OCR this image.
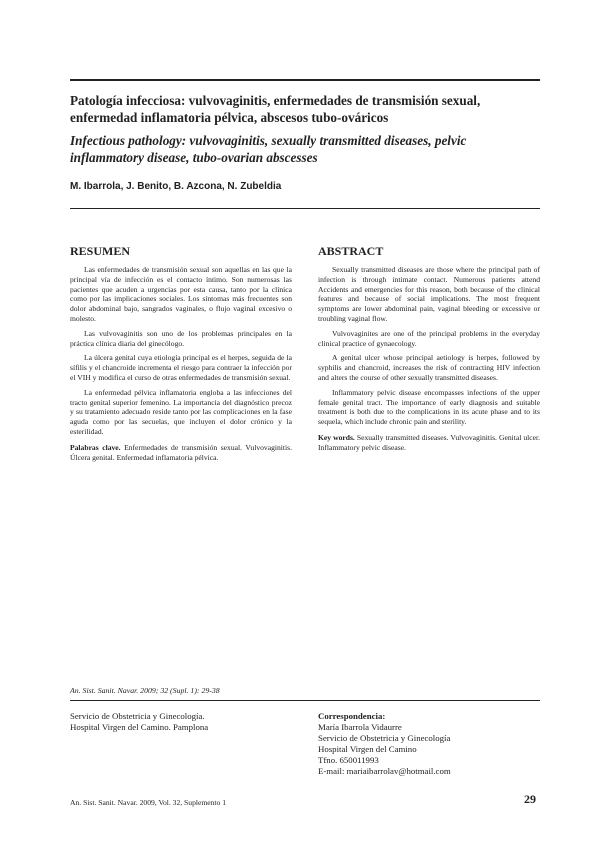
Patología infecciosa: vulvovaginitis, enfermedades de transmisión sexual, enfermedad inflamatoria pélvica, abscesos tubo-ováricos
Infectious pathology: vulvovaginitis, sexually transmitted diseases, pelvic inflammatory disease, tubo-ovarian abscesses

M. Ibarrola, J. Benito, B. Azcona, N. Zubeldia

RESUMEN

Las enfermedades de transmisión sexual son aquellas en las que la principal vía de infección es el contacto íntimo. Son numerosas las pacientes que acuden a urgencias por esta causa, tanto por la clínica como por las implicaciones sociales. Los síntomas más frecuentes son dolor abdominal bajo, sangrados vaginales, o flujo vaginal excesivo o molesto.

Las vulvovaginitis son uno de los problemas principales en la práctica clínica diaria del ginecólogo.

La úlcera genital cuya etiología principal es el herpes, seguida de la sífilis y el chancroide incrementa el riesgo para contraer la infección por el VIH y modifica el curso de otras enfermedades de transmisión sexual.

La enfermedad pélvica inflamatoria engloba a las infecciones del tracto genital superior femenino. La importancia del diagnóstico precoz y su tratamiento adecuado reside tanto por las complicaciones en la fase aguda como por las secuelas, que incluyen el dolor crónico y la esterilidad.

Palabras clave. Enfermedades de transmisión sexual. Vulvovaginitis. Úlcera genital. Enfermedad inflamatoria pélvica.

ABSTRACT

Sexually transmitted diseases are those where the principal path of infection is through intimate contact. Numerous patients attend Accidents and emergencies for this reason, both because of the clinical features and because of social implications. The most frequent symptoms are lower abdominal pain, vaginal bleeding or excessive or troubling vaginal flow.

Vulvovaginites are one of the principal problems in the everyday clinical practice of gynaecology.

A genital ulcer whose principal aetiology is herpes, followed by syphilis and chancroid, increases the risk of contracting HIV infection and alters the course of other sexually transmitted diseases.

Inflammatory pelvic disease encompasses infections of the upper female genital tract. The importance of early diagnosis and suitable treatment is both due to the complications in its acute phase and to its sequela, which include chronic pain and sterility.

Key words. Sexually transmitted diseases. Vulvovaginitis. Genital ulcer. Inflammatory pelvic disease.

An. Sist. Sanit. Navar. 2009; 32 (Supl. 1): 29-38

Servicio de Obstetricia y Ginecología.
Hospital Virgen del Camino. Pamplona

Correspondencia:
María Ibarrola Vidaurre
Servicio de Obstetricia y Ginecología
Hospital Virgen del Camino
Tfno. 650011993
E-mail: mariaibarrolav@hotmail.com

An. Sist. Sanit. Navar. 2009, Vol. 32, Suplemento 1	29
